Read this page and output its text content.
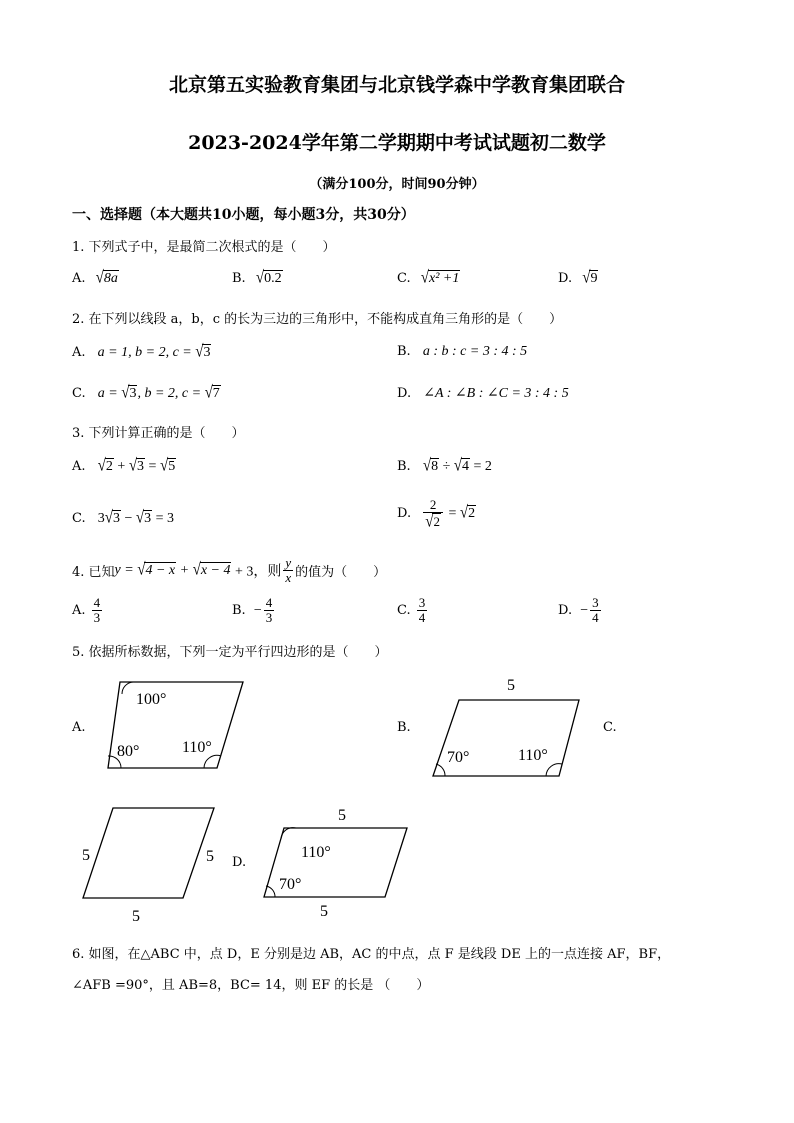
北京第五实验教育集团与北京钱学森中学教育集团联合
2023-2024学年第二学期期中考试试题初二数学
（满分100分，时间90分钟）
一、选择题（本大题共10小题，每小题3分，共30分）
1. 下列式子中，是最简二次根式的是（　　）
A. √8a	B. √0.2	C. √x² +1	D. √9
2. 在下列以线段 a，b，c 的长为三边的三角形中，不能构成直角三角形的是（　　）
A. a = 1, b = 2, c = √3	B. a : b : c = 3 : 4 : 5
C. a = √3, b = 2, c = √7	D. ∠A : ∠B : ∠C = 3 : 4 : 5
3. 下列计算正确的是（　　）
A. √2 + √3 = √5	B. √8 ÷ √4 = 2
C. 3√3 − √3 = 3	D. $\frac{2}{√2} = √2$
4. 已知y = √4 − x + √x − 4 + 3，则 $\frac{y}{x}$ 的值为（　　）
A. $\frac{4}{3}$	B. − $\frac{4}{3}$	C. $\frac{3}{4}$	D. − $\frac{3}{4}$
5. 依据所标数据，下列一定为平行四边形的是（　　）
A.
100°
80°	110°
B.
5
70°	110°
C.
5	5
5
D.
5
110°
70°
5
6. 如图，在△ABC 中，点 D，E 分别是边 AB，AC 的中点，点 F 是线段 DE 上的一点连接 AF，BF，
∠AFB =90°，且 AB=8，BC= 14，则 EF 的长是 （　　）
